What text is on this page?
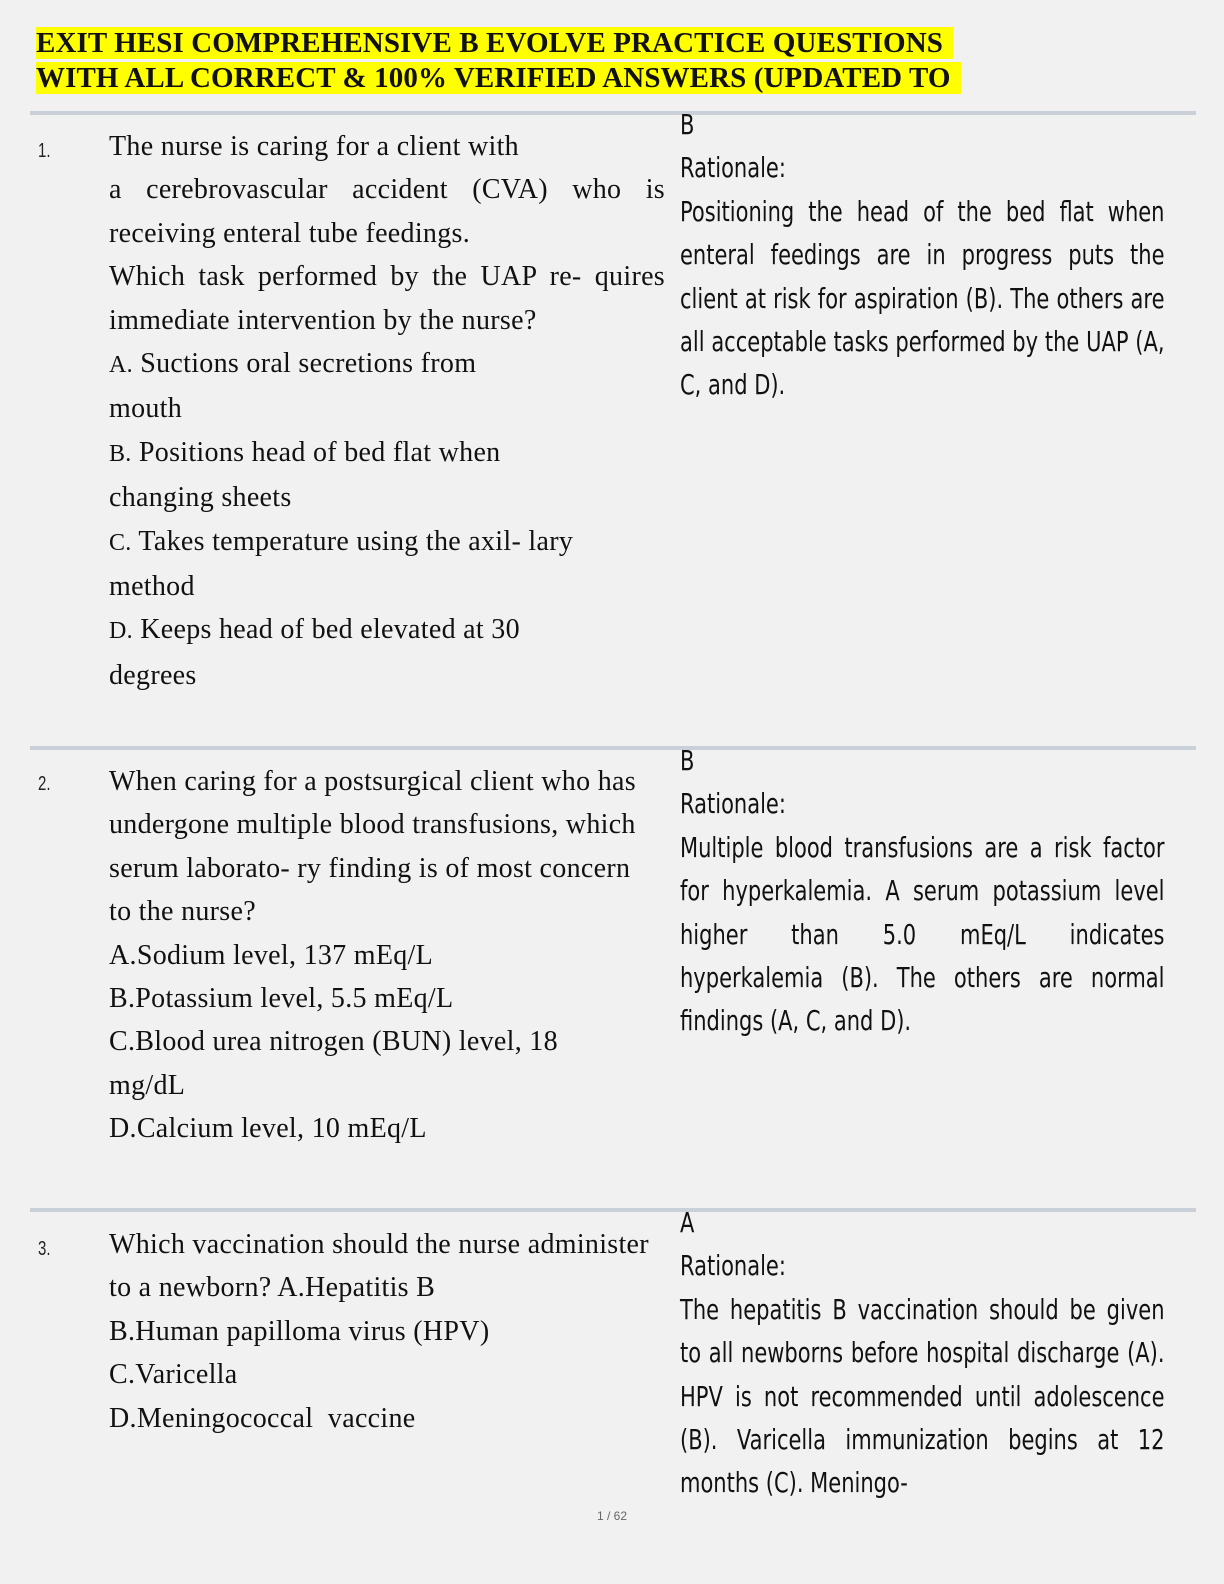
EXIT HESI COMPREHENSIVE B EVOLVE PRACTICE QUESTIONS
WITH ALL CORRECT & 100% VERIFIED ANSWERS (UPDATED TO
1. The nurse is caring for a client with

a cerebrovascular accident (CVA) who is receiving enteral tube feedings.

Which task performed by the UAP re- quires immediate intervention by the nurse?

A. Suctions oral secretions from mouth

B. Positions head of bed flat when changing sheets

C. Takes temperature using the axil- lary method

D. Keeps head of bed elevated at 30 degrees

B

Rationale:

Positioning the head of the bed flat when enteral feedings are in progress puts the client at risk for aspiration (B). The others are all acceptable tasks performed by the UAP (A, C, and D).

2. When caring for a postsurgical client who has undergone multiple blood transfusions, which serum laborato- ry finding is of most concern to the nurse?

A.Sodium level, 137 mEq/L

B.Potassium level, 5.5 mEq/L

C.Blood urea nitrogen (BUN) level, 18 mg/dL

D.Calcium level, 10 mEq/L

B

Rationale:

Multiple blood transfusions are a risk factor for hyperkalemia. A serum potassium level higher than 5.0 mEq/L indicates hyperkalemia (B). The others are normal findings (A, C, and D).

3. Which vaccination should the nurse administer to a newborn? A.Hepatitis B

B.Human papilloma virus (HPV)

C.Varicella

D.Meningococcal  vaccine

A

Rationale:

The hepatitis B vaccination should be given to all newborns before hospital discharge (A). HPV is not recommended until adolescence (B). Varicella immunization begins at 12 months (C). Meningo-

1 / 62
